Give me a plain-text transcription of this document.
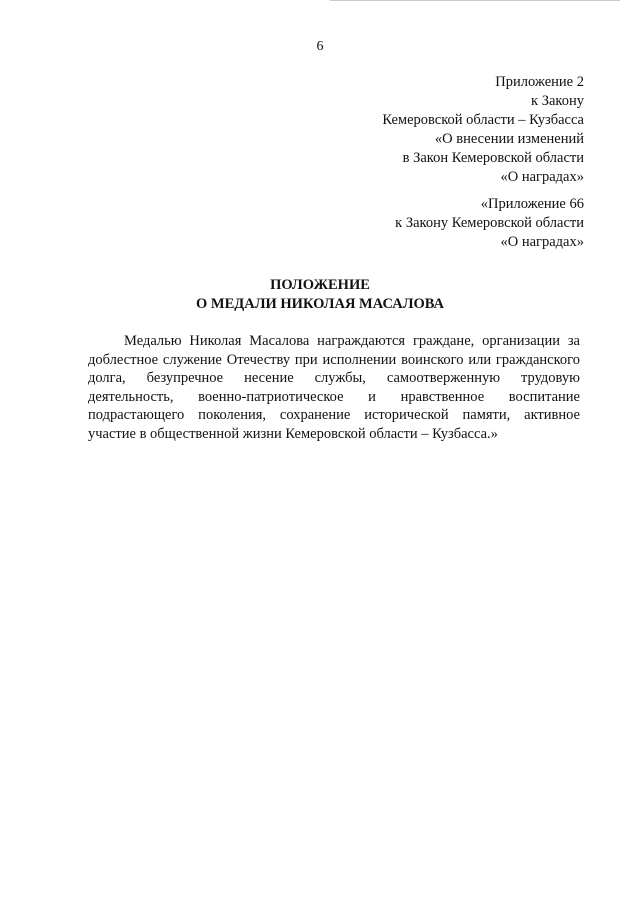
6
Приложение 2
к Закону
Кемеровской области – Кузбасса
«О внесении изменений
в Закон Кемеровской области
«О наградах»
«Приложение 66
к Закону Кемеровской области
«О наградах»
ПОЛОЖЕНИЕ
О МЕДАЛИ НИКОЛАЯ МАСАЛОВА
Медалью Николая Масалова награждаются граждане, организации за
доблестное служение Отечеству при исполнении воинского или гражданского
долга, безупречное несение службы, самоотверженную трудовую
деятельность, военно-патриотическое и нравственное воспитание
подрастающего поколения, сохранение исторической памяти, активное
участие в общественной жизни Кемеровской области – Кузбасса.»
